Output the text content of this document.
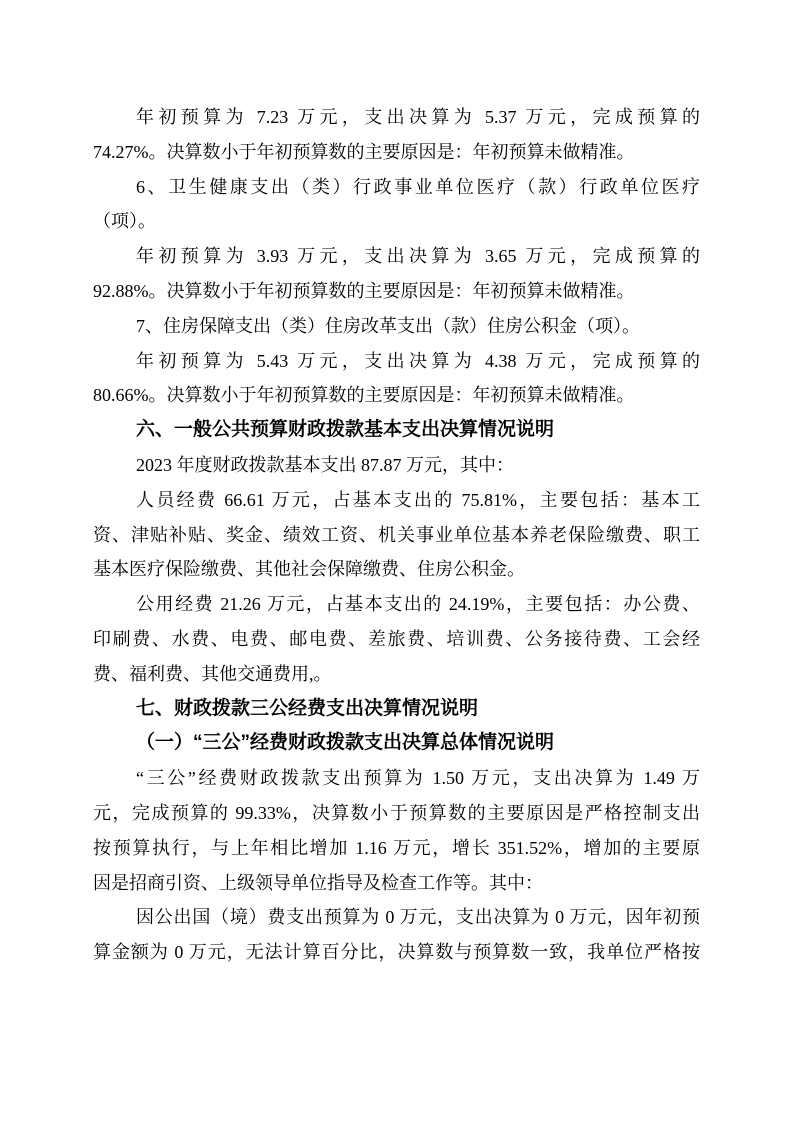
年初预算为 7.23 万元，支出决算为 5.37 万元，完成预算的
74.27%。决算数小于年初预算数的主要原因是：年初预算未做精准。
6、卫生健康支出（类）行政事业单位医疗（款）行政单位医疗
（项）。
年初预算为 3.93 万元，支出决算为 3.65 万元，完成预算的
92.88%。决算数小于年初预算数的主要原因是：年初预算未做精准。
7、住房保障支出（类）住房改革支出（款）住房公积金（项）。
年初预算为 5.43 万元，支出决算为 4.38 万元，完成预算的
80.66%。决算数小于年初预算数的主要原因是：年初预算未做精准。
六、一般公共预算财政拨款基本支出决算情况说明
2023 年度财政拨款基本支出 87.87 万元，其中：
人员经费 66.61 万元，占基本支出的 75.81%，主要包括：基本工
资、津贴补贴、奖金、绩效工资、机关事业单位基本养老保险缴费、职工
基本医疗保险缴费、其他社会保障缴费、住房公积金。
公用经费 21.26 万元，占基本支出的 24.19%，主要包括：办公费、
印刷费、水费、电费、邮电费、差旅费、培训费、公务接待费、工会经
费、福利费、其他交通费用,。
七、财政拨款三公经费支出决算情况说明
（一）“三公”经费财政拨款支出决算总体情况说明
“三公”经费财政拨款支出预算为 1.50 万元，支出决算为 1.49 万
元，完成预算的 99.33%，决算数小于预算数的主要原因是严格控制支出
按预算执行，与上年相比增加 1.16 万元，增长 351.52%，增加的主要原
因是招商引资、上级领导单位指导及检查工作等。其中：
因公出国（境）费支出预算为 0 万元，支出决算为 0 万元，因年初预
算金额为 0 万元，无法计算百分比，决算数与预算数一致，我单位严格按
